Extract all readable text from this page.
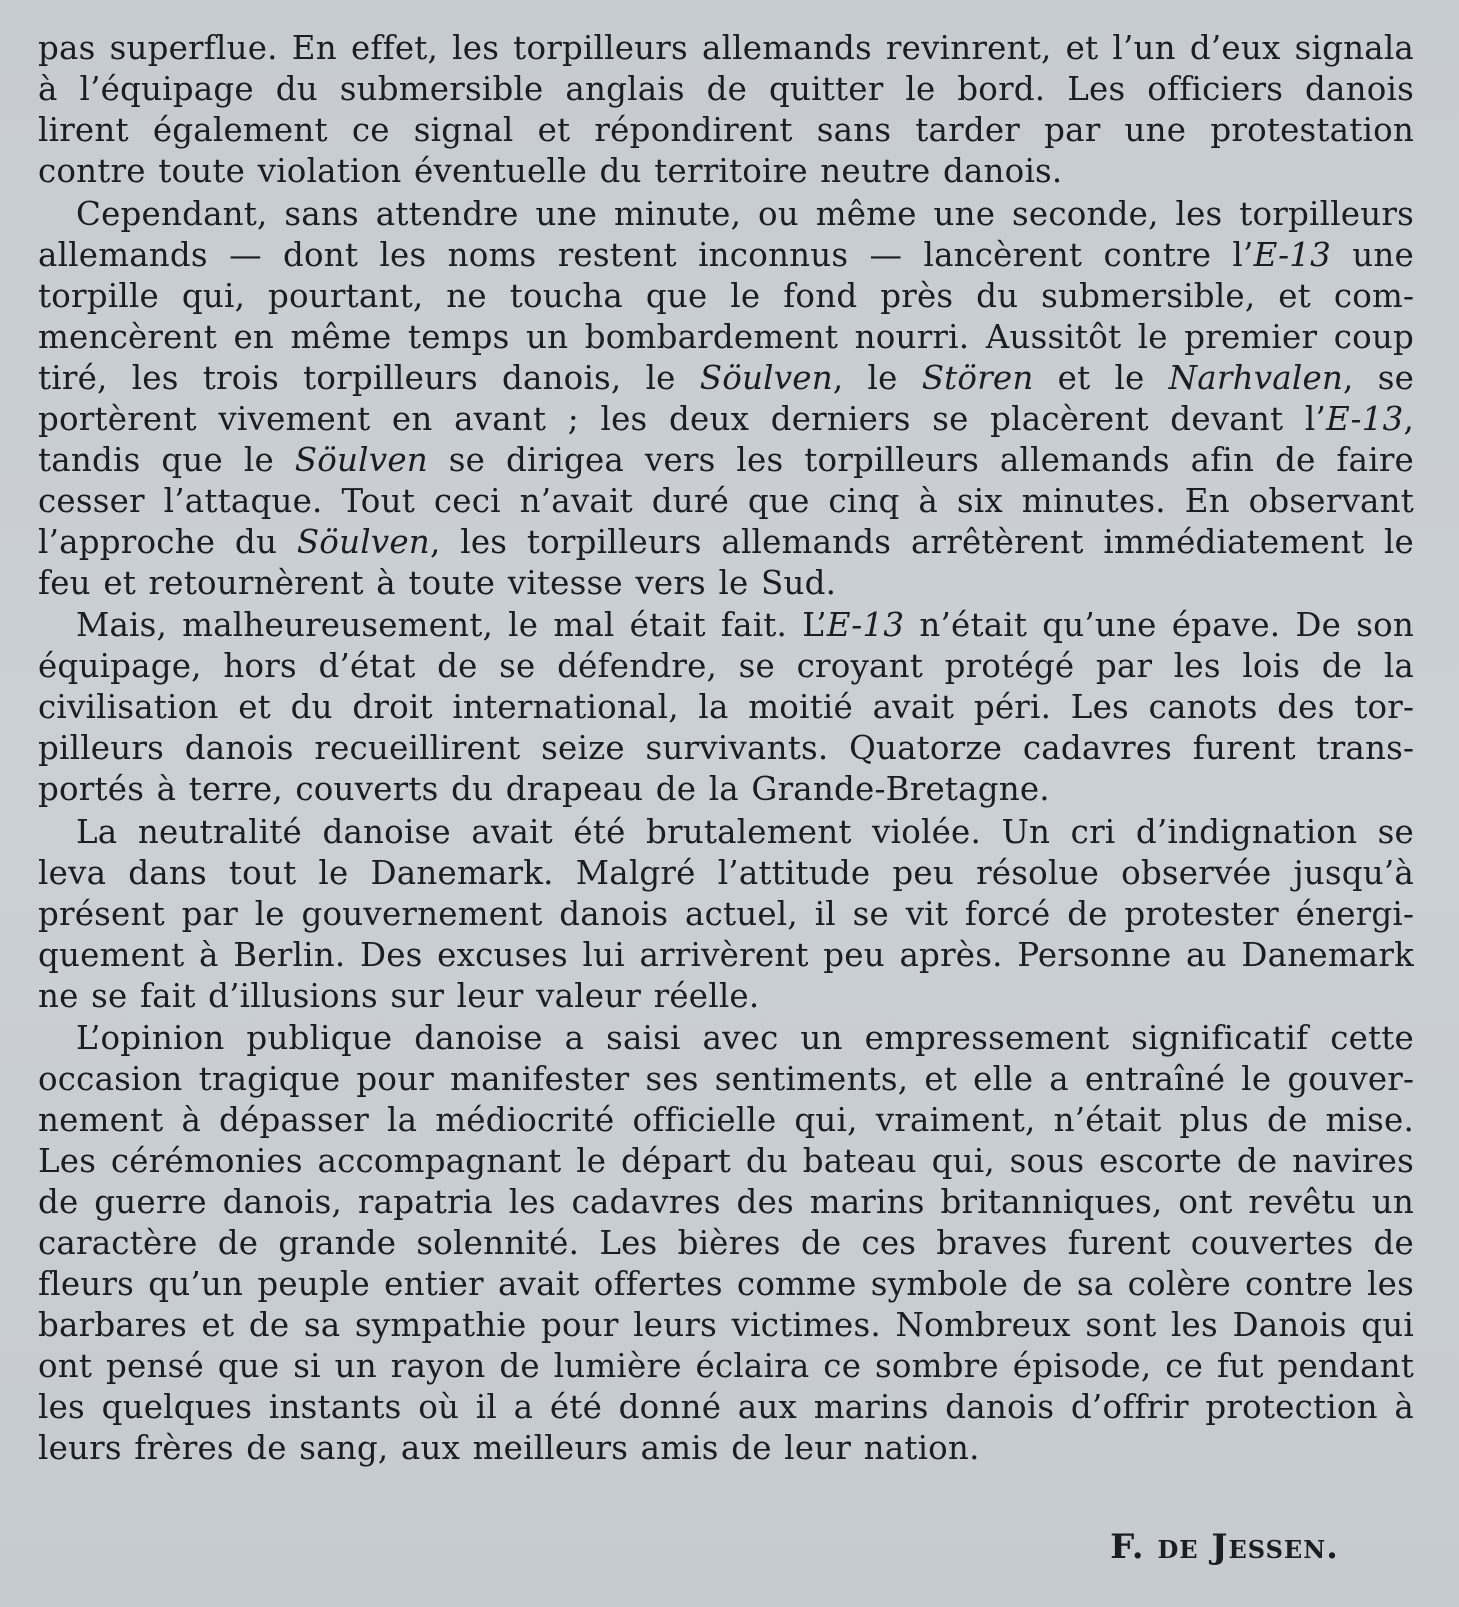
pas superflue. En effet, les torpilleurs allemands revinrent, et l’un d’eux signala à l’équipage du submersible anglais de quitter le bord. Les officiers danois lirent également ce signal et répondirent sans tarder par une protestation contre toute violation éventuelle du territoire neutre danois.

Cependant, sans attendre une minute, ou même une seconde, les torpilleurs allemands — dont les noms restent inconnus — lancèrent contre l’E-13 une torpille qui, pourtant, ne toucha que le fond près du submersible, et commencèrent en même temps un bombardement nourri. Aussitôt le premier coup tiré, les trois torpilleurs danois, le Söulven, le Stören et le Narhvalen, se portèrent vivement en avant ; les deux derniers se placèrent devant l’E-13, tandis que le Söulven se dirigea vers les torpilleurs allemands afin de faire cesser l’attaque. Tout ceci n’avait duré que cinq à six minutes. En observant l’approche du Söulven, les torpilleurs allemands arrêtèrent immédiatement le feu et retournèrent à toute vitesse vers le Sud.

Mais, malheureusement, le mal était fait. L’E-13 n’était qu’une épave. De son équipage, hors d’état de se défendre, se croyant protégé par les lois de la civilisation et du droit international, la moitié avait péri. Les canots des torpilleurs danois recueillirent seize survivants. Quatorze cadavres furent transportés à terre, couverts du drapeau de la Grande-Bretagne.

La neutralité danoise avait été brutalement violée. Un cri d’indignation se leva dans tout le Danemark. Malgré l’attitude peu résolue observée jusqu’à présent par le gouvernement danois actuel, il se vit forcé de protester énergiquement à Berlin. Des excuses lui arrivèrent peu après. Personne au Danemark ne se fait d’illusions sur leur valeur réelle.

L’opinion publique danoise a saisi avec un empressement significatif cette occasion tragique pour manifester ses sentiments, et elle a entraîné le gouvernement à dépasser la médiocrité officielle qui, vraiment, n’était plus de mise. Les cérémonies accompagnant le départ du bateau qui, sous escorte de navires de guerre danois, rapatria les cadavres des marins britanniques, ont revêtu un caractère de grande solennité. Les bières de ces braves furent couvertes de fleurs qu’un peuple entier avait offertes comme symbole de sa colère contre les barbares et de sa sympathie pour leurs victimes. Nombreux sont les Danois qui ont pensé que si un rayon de lumière éclaira ce sombre épisode, ce fut pendant les quelques instants où il a été donné aux marins danois d’offrir protection à leurs frères de sang, aux meilleurs amis de leur nation.

F. de Jessen.
